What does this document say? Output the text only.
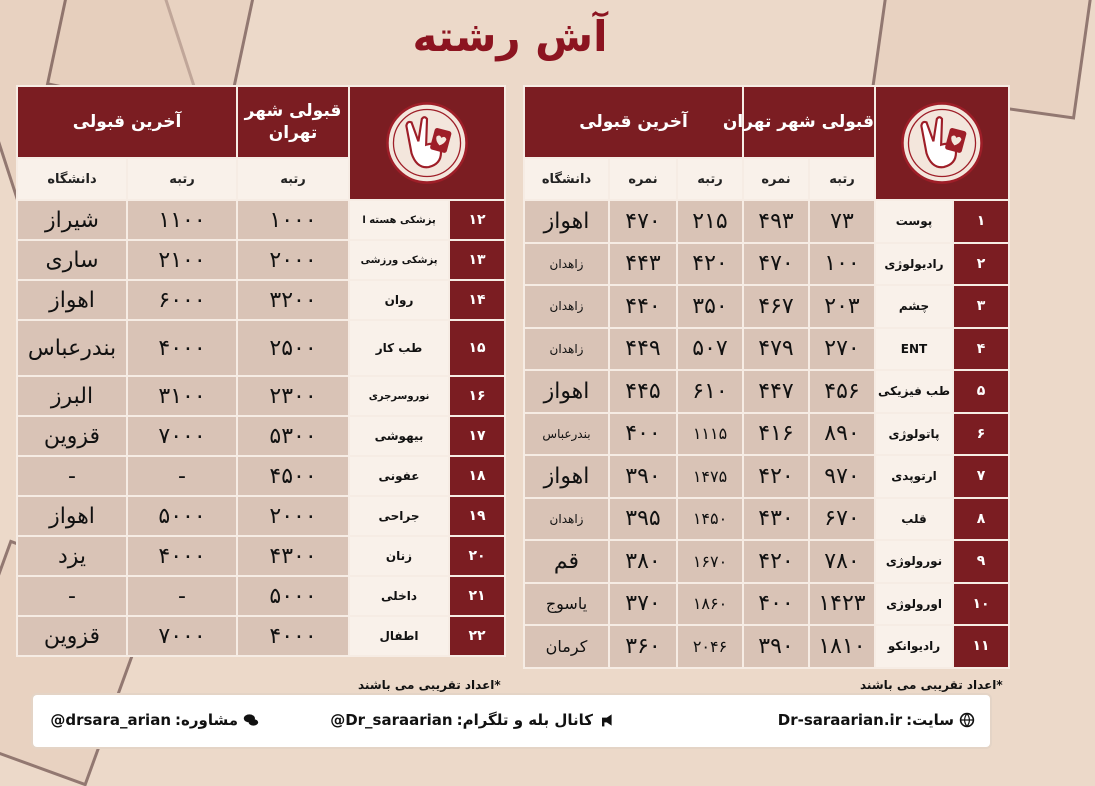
آش رشته
	قبولی شهر تهران		آخرین قبولی		
		رتبه	نمره	رتبه	نمره	دانشگاه
۱	پوست	۷۳	۴۹۳	۲۱۵	۴۷۰	اهواز
۲	رادیولوژی	۱۰۰	۴۷۰	۴۲۰	۴۴۳	زاهدان
۳	چشم	۲۰۳	۴۶۷	۳۵۰	۴۴۰	زاهدان
۴	ENT	۲۷۰	۴۷۹	۵۰۷	۴۴۹	زاهدان
۵	طب فیزیکی	۴۵۶	۴۴۷	۶۱۰	۴۴۵	اهواز
۶	پاتولوژی	۸۹۰	۴۱۶	۱۱۱۵	۴۰۰	بندرعباس
۷	ارتوپدی	۹۷۰	۴۲۰	۱۴۷۵	۳۹۰	اهواز
۸	قلب	۶۷۰	۴۳۰	۱۴۵۰	۳۹۵	زاهدان
۹	نورولوژی	۷۸۰	۴۲۰	۱۶۷۰	۳۸۰	قم
۱۰	اورولوژی	۱۴۲۳	۴۰۰	۱۸۶۰	۳۷۰	یاسوج
۱۱	رادیوانکو	۱۸۱۰	۳۹۰	۲۰۴۶	۳۶۰	کرمان
*اعداد تقریبی می باشند
	قبولی شهر تهران	آخرین قبولی	
		رتبه	رتبه	دانشگاه
۱۲	پزشکی هسته ا	۱۰۰۰	۱۱۰۰	شیراز
۱۳	پزشکی ورزشی	۲۰۰۰	۲۱۰۰	ساری
۱۴	روان	۳۲۰۰	۶۰۰۰	اهواز
۱۵	طب کار	۲۵۰۰	۴۰۰۰	بندرعباس
۱۶	نوروسرجری	۲۳۰۰	۳۱۰۰	البرز
۱۷	بیهوشی	۵۳۰۰	۷۰۰۰	قزوین
۱۸	عفونی	۴۵۰۰	-	-
۱۹	جراحی	۲۰۰۰	۵۰۰۰	اهواز
۲۰	زنان	۴۳۰۰	۴۰۰۰	یزد
۲۱	داخلی	۵۰۰۰	-	-
۲۲	اطفال	۴۰۰۰	۷۰۰۰	قزوین
*اعداد تقریبی می باشند
سایت:
Dr-saraarian.ir
کانال بله و تلگرام:
@Dr_saraarian
مشاوره:
@drsara_arian
